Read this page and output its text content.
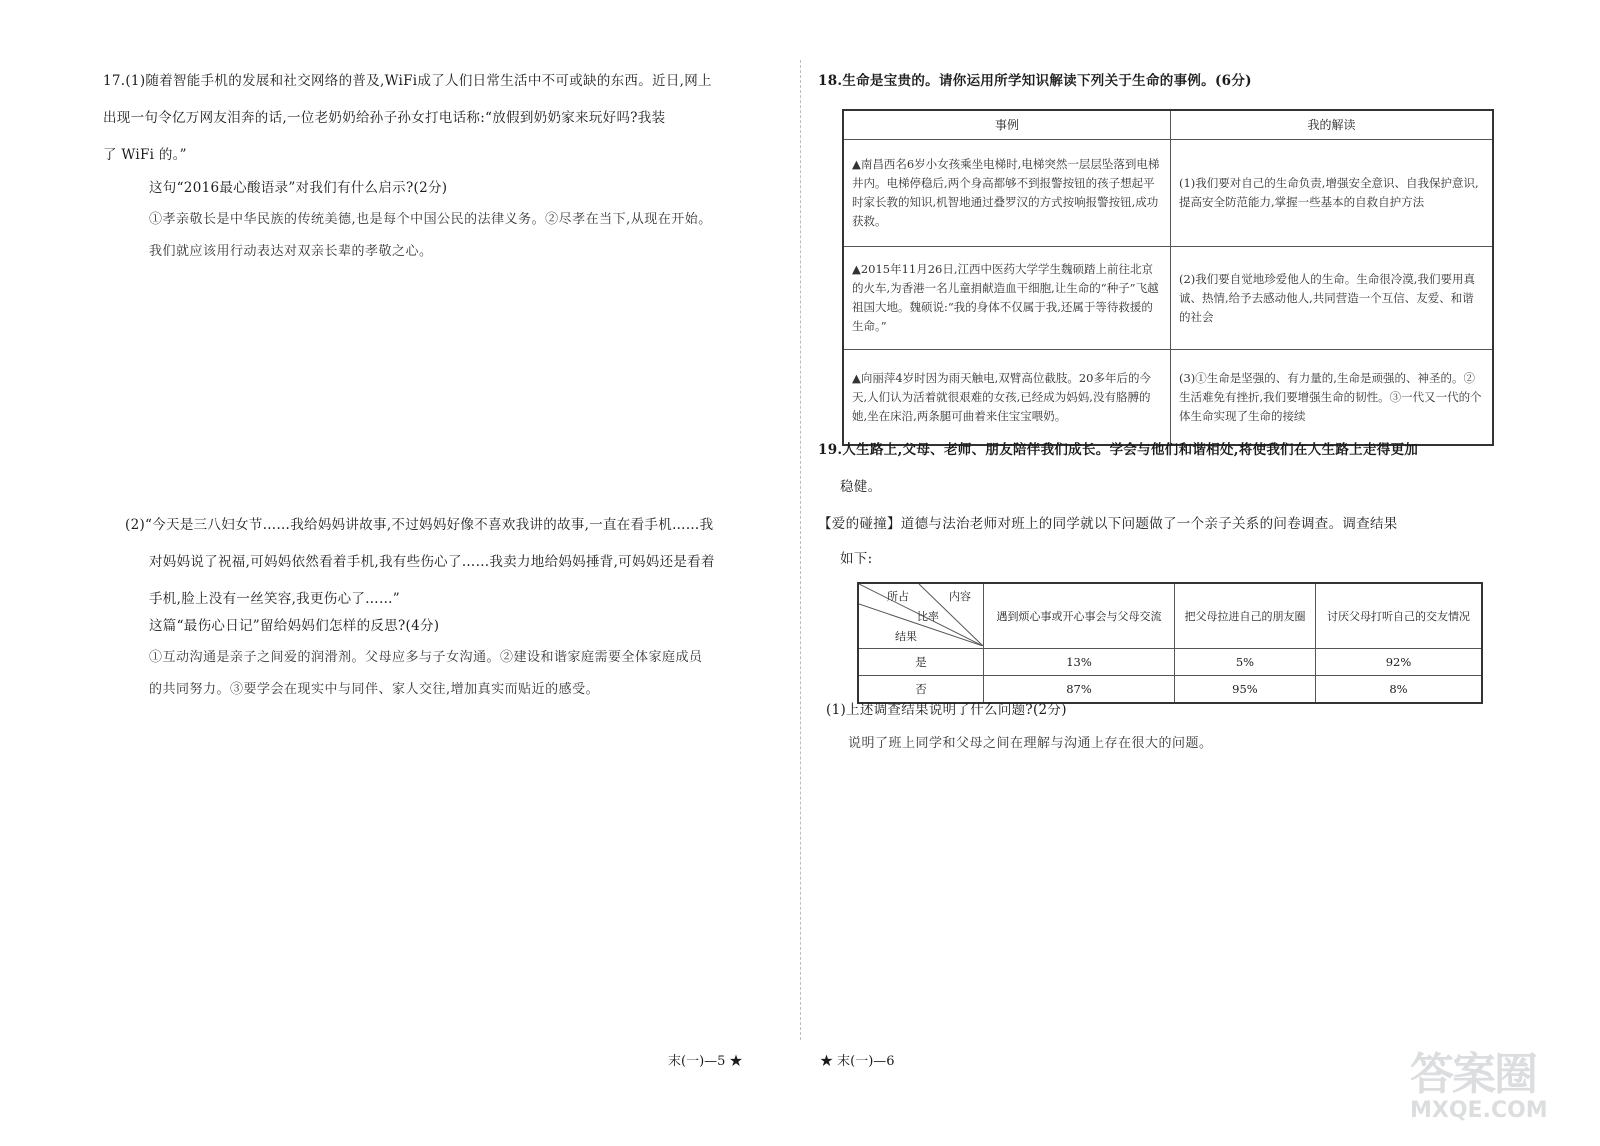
17.(1)随着智能手机的发展和社交网络的普及,WiFi成了人们日常生活中不可或缺的东西。近日,网上
出现一句令亿万网友泪奔的话,一位老奶奶给孙子孙女打电话称:“放假到奶奶家来玩好吗?我装
了 WiFi 的。”
这句“2016最心酸语录”对我们有什么启示?(2分)
①孝亲敬长是中华民族的传统美德,也是每个中国公民的法律义务。②尽孝在当下,从现在开始。
我们就应该用行动表达对双亲长辈的孝敬之心。
(2)“今天是三八妇女节……我给妈妈讲故事,不过妈妈好像不喜欢我讲的故事,一直在看手机……我
对妈妈说了祝福,可妈妈依然看着手机,我有些伤心了……我卖力地给妈妈捶背,可妈妈还是看着
手机,脸上没有一丝笑容,我更伤心了……”
这篇“最伤心日记”留给妈妈们怎样的反思?(4分)
①互动沟通是亲子之间爱的润滑剂。父母应多与子女沟通。②建设和谐家庭需要全体家庭成员
的共同努力。③要学会在现实中与同伴、家人交往,增加真实而贴近的感受。
18.生命是宝贵的。请你运用所学知识解读下列关于生命的事例。(6分)
事例	我的解读
▲南昌西名6岁小女孩乘坐电梯时,电梯突然一层层坠落到电梯井内。电梯停稳后,两个身高都够不到报警按钮的孩子想起平时家长教的知识,机智地通过叠罗汉的方式按响报警按钮,成功获救。	(1)我们要对自己的生命负责,增强安全意识、自我保护意识,提高安全防范能力,掌握一些基本的自救自护方法
▲2015年11月26日,江西中医药大学学生魏硕踏上前往北京的火车,为香港一名儿童捐献造血干细胞,让生命的“种子”飞越祖国大地。魏硕说:“我的身体不仅属于我,还属于等待救援的生命。”	(2)我们要自觉地珍爱他人的生命。生命很冷漠,我们要用真诚、热情,给予去感动他人,共同营造一个互信、友爱、和谐的社会
▲向丽萍4岁时因为雨天触电,双臂高位截肢。20多年后的今天,人们认为活着就很艰难的女孩,已经成为妈妈,没有胳膊的她,坐在床沿,两条腿可曲着来住宝宝喂奶。	(3)①生命是坚强的、有力量的,生命是顽强的、神圣的。②生活难免有挫折,我们要增强生命的韧性。③一代又一代的个体生命实现了生命的接续
19.人生路上,父母、老师、朋友陪伴我们成长。学会与他们和谐相处,将使我们在人生路上走得更加
稳健。
【爱的碰撞】道德与法治老师对班上的同学就以下问题做了一个亲子关系的问卷调查。调查结果
如下:
所占 内容
比率
结果	遇到烦心事或开心事会与父母交流	把父母拉进自己的朋友圈	讨厌父母打听自己的交友情况
是	13%	5%	92%
否	87%	95%	8%
(1)上述调查结果说明了什么问题?(2分)
说明了班上同学和父母之间在理解与沟通上存在很大的问题。
末(一)—5 ★	★ 末(一)—6	答案圈
MXQE.COM
